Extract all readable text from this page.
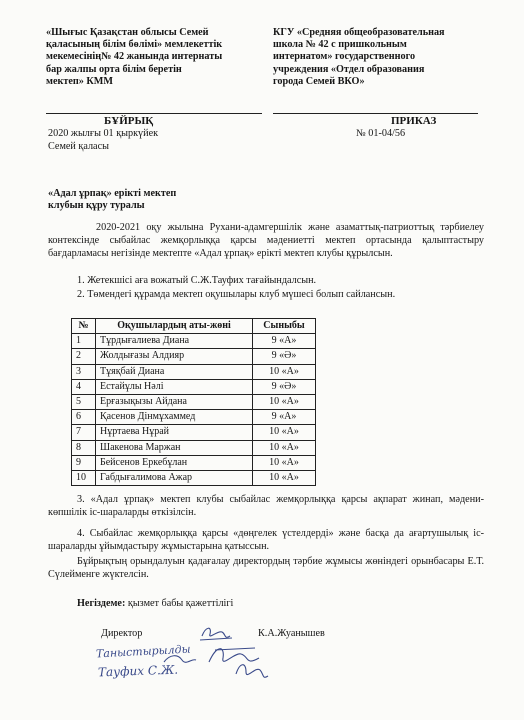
«Шығыс Қазақстан облысы Семей
қаласының білім бөлімі» мемлекеттік
мекемесінің№ 42 жанында интернаты
бар жалпы орта білім беретін
мектеп» КММ
КГУ «Средняя общеобразовательная
школа № 42 с пришкольным
интернатом» государственного
учреждения «Отдел образования
города Семей ВКО»
БҰЙРЫҚ	ПРИКАЗ
2020 жылғы 01 қыркүйек	№ 01-04/56
Семей қаласы
«Адал ұрпақ» ерікті мектеп
клубын құру туралы
2020-2021 оқу жылына Рухани-адамгершілік және азаматтық-патриоттық тәрбиелеу контексінде сыбайлас жемқорлыққа қарсы мәдениетті мектеп ортасында қалыптастыру бағдарламасы негізінде мектепте «Адал ұрпақ» ерікті мектеп клубы құрылсын.
1. Жетекшісі аға вожатый С.Ж.Тауфих тағайындалсын.
2. Төмендегі құрамда мектеп оқушылары клуб мүшесі болып сайлансын.
№	Оқушылардың аты-жөні	Сыныбы
1	Тұрдығалиева Диана	9 «А»
2	Жолдығазы Алдияр	9 «Ә»
3	Тұяқбай Диана	10 «А»
4	Естайұлы Нәлі	9 «Ә»
5	Ерғазықызы Айдана	10 «А»
6	Қасенов Дінмұхаммед	9 «А»
7	Нұртаева Нұрай	10 «А»
8	Шакенова Маржан	10 «А»
9	Бейсенов Еркебұлан	10 «А»
10	Габдығалимова Ажар	10 «А»
3. «Адал ұрпақ» мектеп клубы сыбайлас жемқорлыққа қарсы ақпарат жинап, мәдени-көпшілік іс-шараларды өткізілсін.
4. Сыбайлас жемқорлыққа қарсы «дөңгелек үстелдерді» және басқа да ағартушылық іс-шараларды ұйымдастыру жұмыстарына қатыссын.
Бұйрықтың орындалуын қадағалау директордың тәрбие жұмысы жөніндегі орынбасары Е.Т. Сүлейменге жүктелсін.
Негіздеме: қызмет бабы қажеттілігі
Директор	К.А.Жуанышев
Таныстырылды
Тауфих С.Ж.
